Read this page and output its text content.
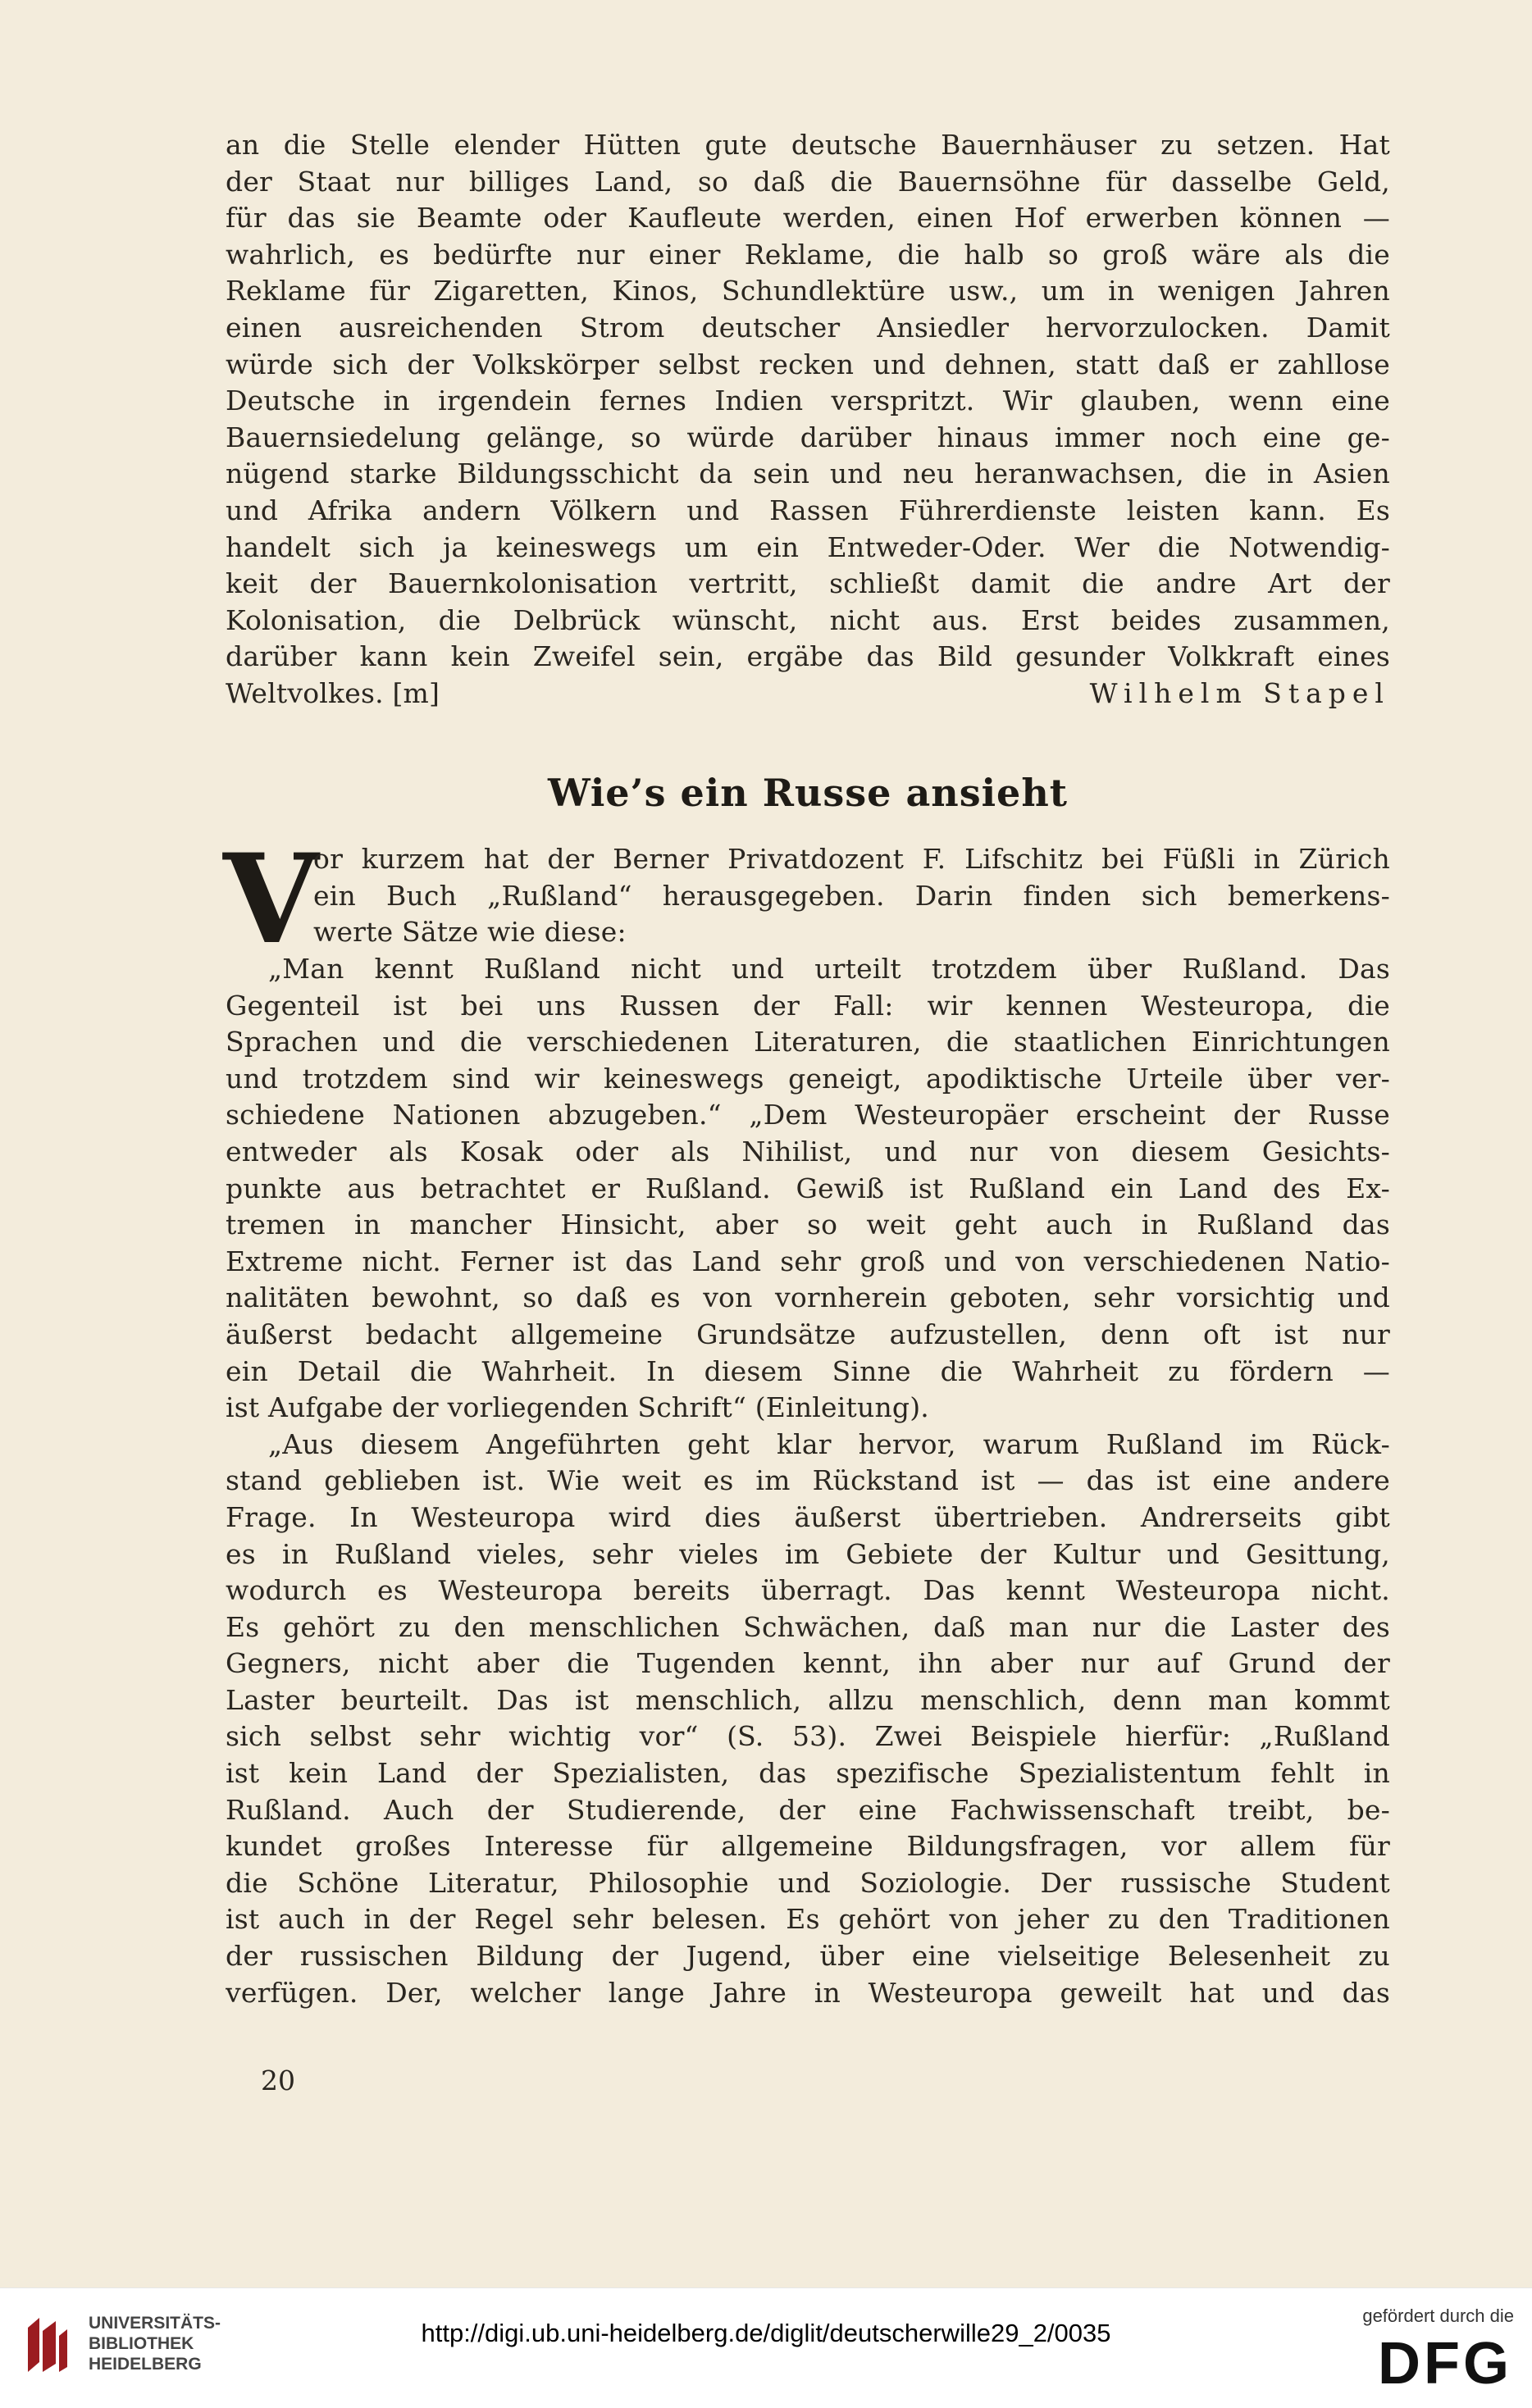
an die Stelle elender Hütten gute deutsche Bauernhäuser zu setzen. Hat
der Staat nur billiges Land, so daß die Bauernsöhne für dasselbe Geld,
für das sie Beamte oder Kaufleute werden, einen Hof erwerben können —
wahrlich, es bedürfte nur einer Reklame, die halb so groß wäre als die
Reklame für Zigaretten, Kinos, Schundlektüre usw., um in wenigen Jahren
einen ausreichenden Strom deutscher Ansiedler hervorzulocken. Damit
würde sich der Volkskörper selbst recken und dehnen, statt daß er zahllose
Deutsche in irgendein fernes Indien verspritzt. Wir glauben, wenn eine
Bauernsiedelung gelänge, so würde darüber hinaus immer noch eine ge-
nügend starke Bildungsschicht da sein und neu heranwachsen, die in Asien
und Afrika andern Völkern und Rassen Führerdienste leisten kann. Es
handelt sich ja keineswegs um ein Entweder-Oder. Wer die Notwendig-
keit der Bauernkolonisation vertritt, schließt damit die andre Art der
Kolonisation, die Delbrück wünscht, nicht aus. Erst beides zusammen,
darüber kann kein Zweifel sein, ergäbe das Bild gesunder Volkkraft eines
Weltvolkes. [m]	Wilhelm Stapel
Wie’s ein Russe ansieht
V
or kurzem hat der Berner Privatdozent F. Lifschitz bei Füßli in Zürich
ein Buch „Rußland“ herausgegeben. Darin finden sich bemerkens-
werte Sätze wie diese:
„Man kennt Rußland nicht und urteilt trotzdem über Rußland. Das
Gegenteil ist bei uns Russen der Fall: wir kennen Westeuropa, die
Sprachen und die verschiedenen Literaturen, die staatlichen Einrichtungen
und trotzdem sind wir keineswegs geneigt, apodiktische Urteile über ver-
schiedene Nationen abzugeben.“ „Dem Westeuropäer erscheint der Russe
entweder als Kosak oder als Nihilist, und nur von diesem Gesichts-
punkte aus betrachtet er Rußland. Gewiß ist Rußland ein Land des Ex-
tremen in mancher Hinsicht, aber so weit geht auch in Rußland das
Extreme nicht. Ferner ist das Land sehr groß und von verschiedenen Natio-
nalitäten bewohnt, so daß es von vornherein geboten, sehr vorsichtig und
äußerst bedacht allgemeine Grundsätze aufzustellen, denn oft ist nur
ein Detail die Wahrheit. In diesem Sinne die Wahrheit zu fördern —
ist Aufgabe der vorliegenden Schrift“ (Einleitung).
„Aus diesem Angeführten geht klar hervor, warum Rußland im Rück-
stand geblieben ist. Wie weit es im Rückstand ist — das ist eine andere
Frage. In Westeuropa wird dies äußerst übertrieben. Andrerseits gibt
es in Rußland vieles, sehr vieles im Gebiete der Kultur und Gesittung,
wodurch es Westeuropa bereits überragt. Das kennt Westeuropa nicht.
Es gehört zu den menschlichen Schwächen, daß man nur die Laster des
Gegners, nicht aber die Tugenden kennt, ihn aber nur auf Grund der
Laster beurteilt. Das ist menschlich, allzu menschlich, denn man kommt
sich selbst sehr wichtig vor“ (S. 53). Zwei Beispiele hierfür: „Rußland
ist kein Land der Spezialisten, das spezifische Spezialistentum fehlt in
Rußland. Auch der Studierende, der eine Fachwissenschaft treibt, be-
kundet großes Interesse für allgemeine Bildungsfragen, vor allem für
die Schöne Literatur, Philosophie und Soziologie. Der russische Student
ist auch in der Regel sehr belesen. Es gehört von jeher zu den Traditionen
der russischen Bildung der Jugend, über eine vielseitige Belesenheit zu
verfügen. Der, welcher lange Jahre in Westeuropa geweilt hat und das
20
UNIVERSITÄTS-
BIBLIOTHEK
HEIDELBERG
http://digi.ub.uni-heidelberg.de/diglit/deutscherwille29_2/0035
gefördert durch die
DFG
